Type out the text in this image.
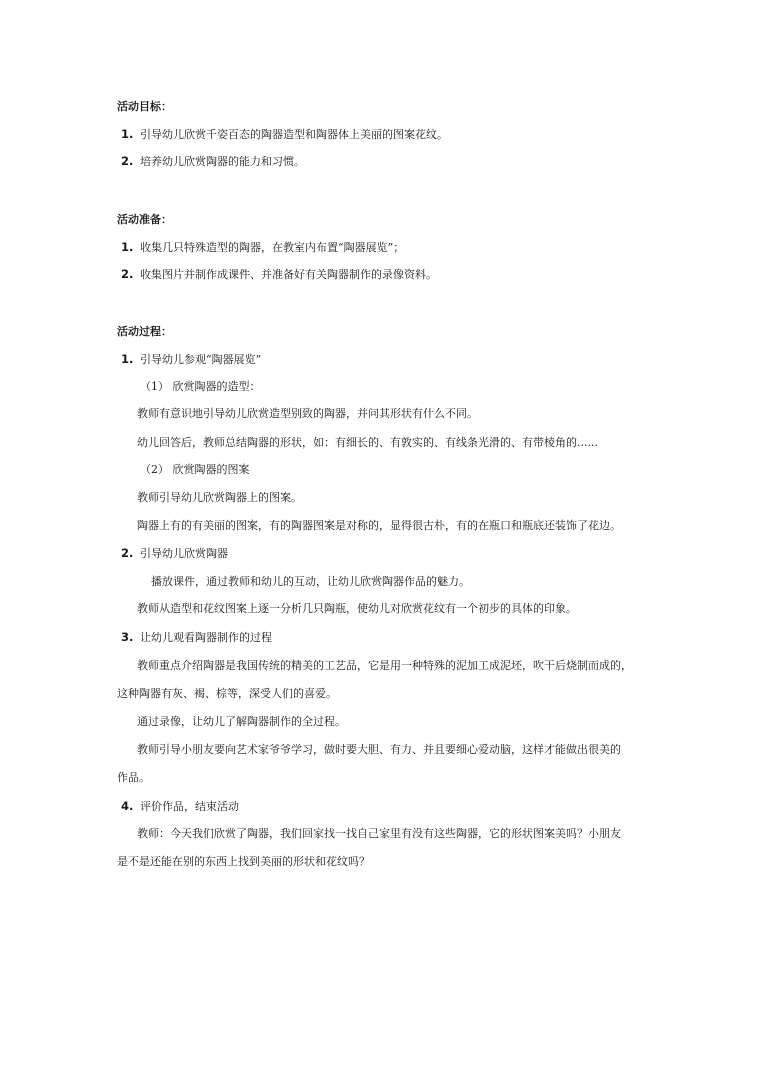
活动目标：
1. 引导幼儿欣赏千姿百态的陶器造型和陶器体上美丽的图案花纹。
2. 培养幼儿欣赏陶器的能力和习惯。
活动准备：
1. 收集几只特殊造型的陶器，在教室内布置“陶器展览”；
2. 收集图片并制作成课件、并准备好有关陶器制作的录像资料。
活动过程：
1. 引导幼儿参观“陶器展览”
（1） 欣赏陶器的造型：
教师有意识地引导幼儿欣赏造型别致的陶器，并问其形状有什么不同。
幼儿回答后，教师总结陶器的形状，如：有细长的、有敦实的、有线条光滑的、有带棱角的......
（2） 欣赏陶器的图案
教师引导幼儿欣赏陶器上的图案。
陶器上有的有美丽的图案，有的陶器图案是对称的，显得很古朴，有的在瓶口和瓶底还装饰了花边。
2. 引导幼儿欣赏陶器
播放课件，通过教师和幼儿的互动，让幼儿欣赏陶器作品的魅力。
教师从造型和花纹图案上逐一分析几只陶瓶，使幼儿对欣赏花纹有一个初步的具体的印象。
3. 让幼儿观看陶器制作的过程
教师重点介绍陶器是我国传统的精美的工艺品，它是用一种特殊的泥加工成泥坯，吹干后烧制而成的，
这种陶器有灰、褐、棕等，深受人们的喜爱。
通过录像，让幼儿了解陶器制作的全过程。
教师引导小朋友要向艺术家爷爷学习，做时要大胆、有力、并且要细心爱动脑，这样才能做出很美的
作品。
4. 评价作品，结束活动
教师：今天我们欣赏了陶器，我们回家找一找自己家里有没有这些陶器，它的形状图案美吗？小朋友
是不是还能在别的东西上找到美丽的形状和花纹吗？
